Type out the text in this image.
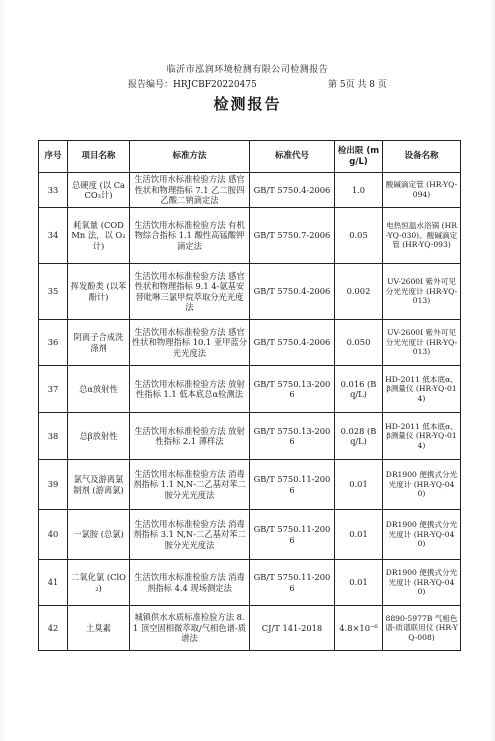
临沂市泓润环境检测有限公司检测报告
报告编号：HRJCBF20220475	第 5页 共 8 页
检测报告
序号	项目名称	标准方法	标准代号	检出限 (mg/L)	设备名称
33	总硬度 (以 CaCO₃计)	生活饮用水标准检验方法 感官性状和物理指标 7.1 乙二胺四乙酸二钠滴定法	GB/T 5750.4-2006	1.0	酸碱滴定管 (HR-YQ-094)
34	耗氧量 (CODMn 法，以 O₂ 计)	生活饮用水标准检验方法 有机物综合指标 1.1 酸性高锰酸钾滴定法	GB/T 5750.7-2006	0.05	电热恒温水浴锅 (HR-YQ-030)、酸碱滴定管 (HR-YQ-093)
35	挥发酚类 (以苯酚计)	生活饮用水标准检验方法 感官性状和物理指标 9.1 4-氨基安替吡啉三氯甲烷萃取分光光度法	GB/T 5750.4-2006	0.002	UV-2600I 紫外可见分光光度计 (HR-YQ-013)
36	阴离子合成洗涤剂	生活饮用水标准检验方法 感官性状和物理指标 10.1 亚甲蓝分光光度法	GB/T 5750.4-2006	0.050	UV-2600I 紫外可见分光光度计 (HR-YQ-013)
37	总α放射性	生活饮用水标准检验方法 放射性指标 1.1 低本底总α检测法	GB/T 5750.13-2006	0.016 (Bq/L)	HD-2011 低本底α、β测量仪 (HR-YQ-014)
38	总β放射性	生活饮用水标准检验方法 放射性指标 2.1 薄样法	GB/T 5750.13-2006	0.028 (Bq/L)	HD-2011 低本底α、β测量仪 (HR-YQ-014)
39	氯气及游离氯制剂 (游离氯)	生活饮用水标准检验方法 消毒剂指标 1.1 N,N-二乙基对苯二胺分光光度法	GB/T 5750.11-2006	0.01	DR1900 便携式分光光度计 (HR-YQ-040)
40	一氯胺 (总氯)	生活饮用水标准检验方法 消毒剂指标 3.1 N,N-二乙基对苯二胺分光光度法	GB/T 5750.11-2006	0.01	DR1900 便携式分光光度计 (HR-YQ-040)
41	二氧化氯 (ClO₂)	生活饮用水标准检验方法 消毒剂指标 4.4 现场测定法	GB/T 5750.11-2006	0.01	DR1900 便携式分光光度计 (HR-YQ-040)
42	土臭素	城镇供水水质标准检验方法 8.1 顶空固相微萃取/气相色谱-质谱法	CJ/T 141-2018	4.8×10⁻⁶	8890-5977B 气相色谱-质谱联用仪 (HR-YQ-008)
